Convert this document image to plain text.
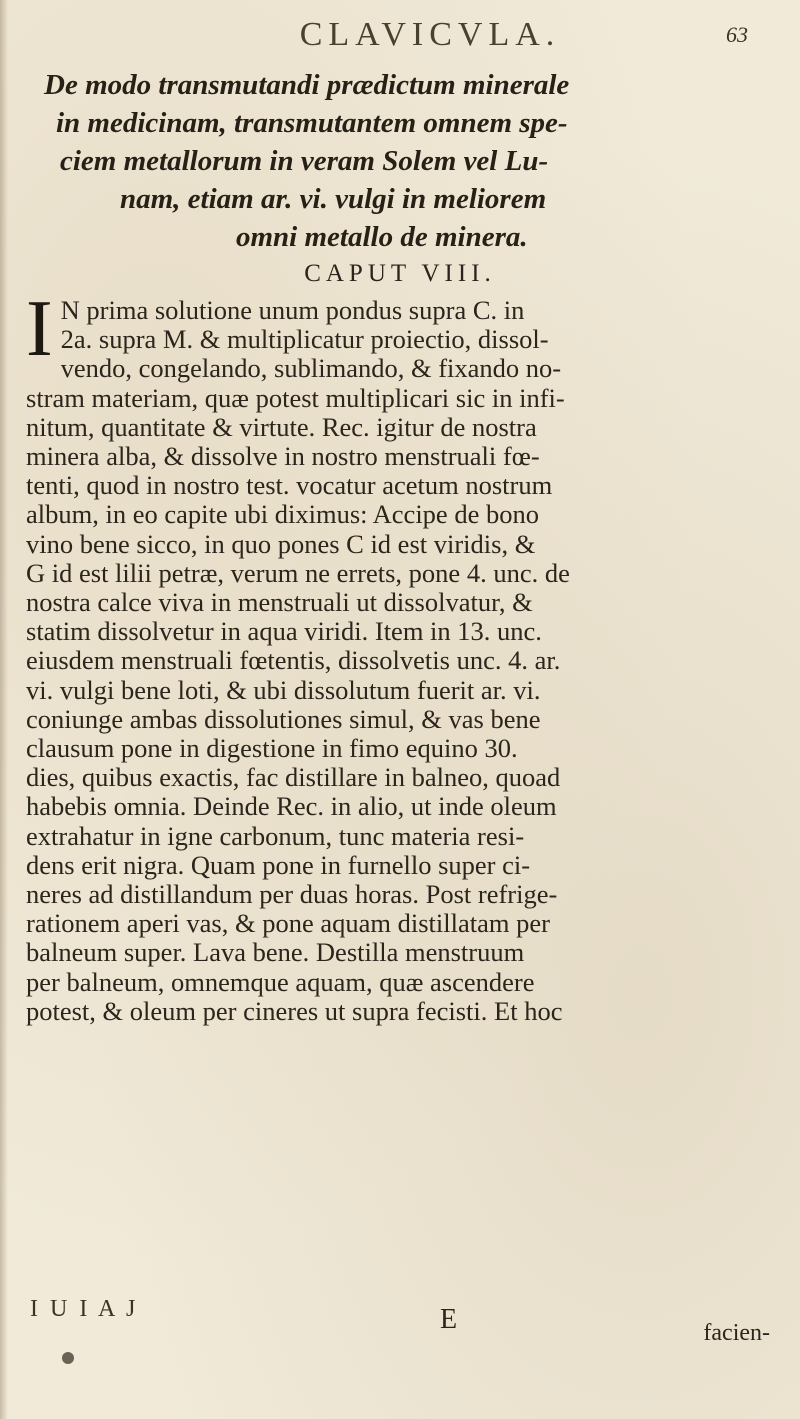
CLAVICVLA.	63
De modo transmutandi prædictum minerale
in medicinam, transmutantem omnem spe-
ciem metallorum in veram Solem vel Lu-
nam, etiam ar. vi. vulgi in meliorem
omni metallo de minera.
CAPUT VIII.
I N prima solutione unum pondus supra C. in
2a. supra M. & multiplicatur proiectio, dissol-
vendo, congelando, sublimando, & fixando no-
stram materiam, quæ potest multiplicari sic in infi-
nitum, quantitate & virtute. Rec. igitur de nostra
minera alba, & dissolve in nostro menstruali fœ-
tenti, quod in nostro test. vocatur acetum nostrum
album, in eo capite ubi diximus: Accipe de bono
vino bene sicco, in quo pones C id est viridis, &
G id est lilii petræ, verum ne errets, pone 4. unc. de
nostra calce viva in menstruali ut dissolvatur, &
statim dissolvetur in aqua viridi. Item in 13. unc.
eiusdem menstruali fœtentis, dissolvetis unc. 4. ar.
vi. vulgi bene loti, & ubi dissolutum fuerit ar. vi.
coniunge ambas dissolutiones simul, & vas bene
clausum pone in digestione in fimo equino 30.
dies, quibus exactis, fac distillare in balneo, quoad
habebis omnia. Deinde Rec. in alio, ut inde oleum
extrahatur in igne carbonum, tunc materia resi-
dens erit nigra. Quam pone in furnello super ci-
neres ad distillandum per duas horas. Post refrige-
rationem aperi vas, & pone aquam distillatam per
balneum super. Lava bene. Destilla menstruum
per balneum, omnemque aquam, quæ ascendere
potest, & oleum per cineres ut supra fecisti. Et hoc
I U I A J	E	facien-
